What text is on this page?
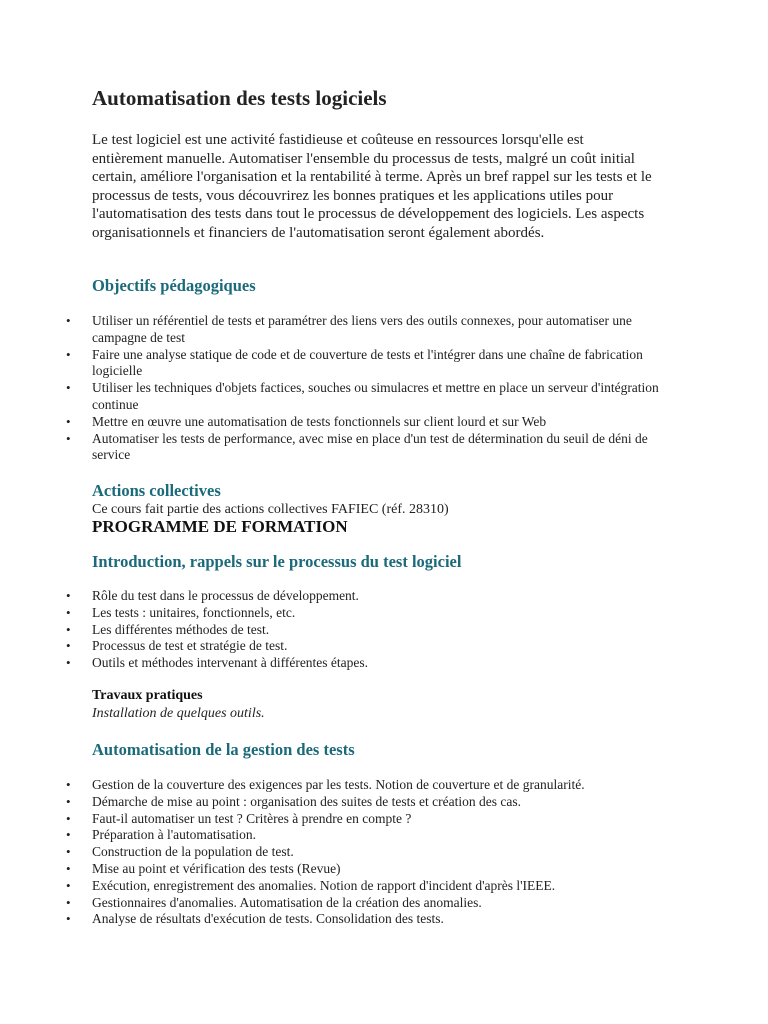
Automatisation des tests logiciels

Le test logiciel est une activité fastidieuse et coûteuse en ressources lorsqu'elle est entièrement manuelle. Automatiser l'ensemble du processus de tests, malgré un coût initial certain, améliore l'organisation et la rentabilité à terme. Après un bref rappel sur les tests et le processus de tests, vous découvrirez les bonnes pratiques et les applications utiles pour l'automatisation des tests dans tout le processus de développement des logiciels. Les aspects organisationnels et financiers de l'automatisation seront également abordés.

Objectifs pédagogiques
• Utiliser un référentiel de tests et paramétrer des liens vers des outils connexes, pour automatiser une campagne de test
• Faire une analyse statique de code et de couverture de tests et l'intégrer dans une chaîne de fabrication logicielle
• Utiliser les techniques d'objets factices, souches ou simulacres et mettre en place un serveur d'intégration continue
• Mettre en œuvre une automatisation de tests fonctionnels sur client lourd et sur Web
• Automatiser les tests de performance, avec mise en place d'un test de détermination du seuil de déni de service
Actions collectives

Ce cours fait partie des actions collectives FAFIEC (réf. 28310)

PROGRAMME DE FORMATION
Introduction, rappels sur le processus du test logiciel
• Rôle du test dans le processus de développement.
• Les tests : unitaires, fonctionnels, etc.
• Les différentes méthodes de test.
• Processus de test et stratégie de test.
• Outils et méthodes intervenant à différentes étapes.

Travaux pratiques

Installation de quelques outils.

Automatisation de la gestion des tests
• Gestion de la couverture des exigences par les tests. Notion de couverture et de granularité.
• Démarche de mise au point : organisation des suites de tests et création des cas.
• Faut-il automatiser un test ? Critères à prendre en compte ?
• Préparation à l'automatisation.
• Construction de la population de test.
• Mise au point et vérification des tests (Revue)
• Exécution, enregistrement des anomalies. Notion de rapport d'incident d'après l'IEEE.
• Gestionnaires d'anomalies. Automatisation de la création des anomalies.
• Analyse de résultats d'exécution de tests. Consolidation des tests.
